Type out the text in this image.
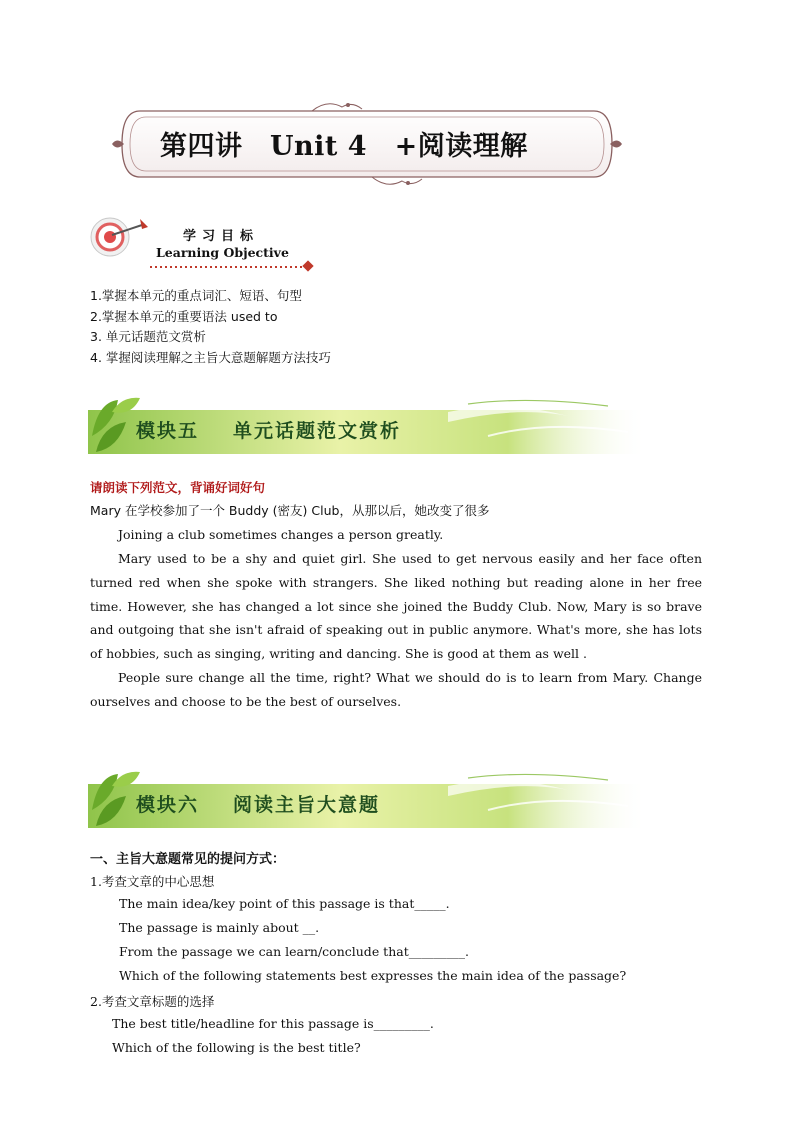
第四讲　Unit 4　+阅读理解
学习目标
Learning Objective
1.掌握本单元的重点词汇、短语、句型
2.掌握本单元的重要语法 used to
3. 单元话题范文赏析
4. 掌握阅读理解之主旨大意题解题方法技巧
模块五 单元话题范文赏析
请朗读下列范文，背诵好词好句
Mary 在学校参加了一个 Buddy (密友) Club，从那以后，她改变了很多
Joining a club sometimes changes a person greatly.
Mary used to be a shy and quiet girl. She used to get nervous easily and her face often turned red when she spoke with strangers. She liked nothing but reading alone in her free time. However, she has changed a lot since she joined the Buddy Club. Now, Mary is so brave and outgoing that she isn't afraid of speaking out in public anymore. What's more, she has lots of hobbies, such as singing, writing and dancing. She is good at them as well .
People sure change all the time, right? What we should do is to learn from Mary. Change ourselves and choose to be the best of ourselves.
模块六 阅读主旨大意题
一、主旨大意题常见的提问方式：
1.考查文章的中心思想
The main idea/key point of this passage is that_____.
The passage is mainly about __.
From the passage we can learn/conclude that_________.
Which of the following statements best expresses the main idea of the passage?
2.考查文章标题的选择
The best title/headline for this passage is_________.
Which of the following is the best title?
